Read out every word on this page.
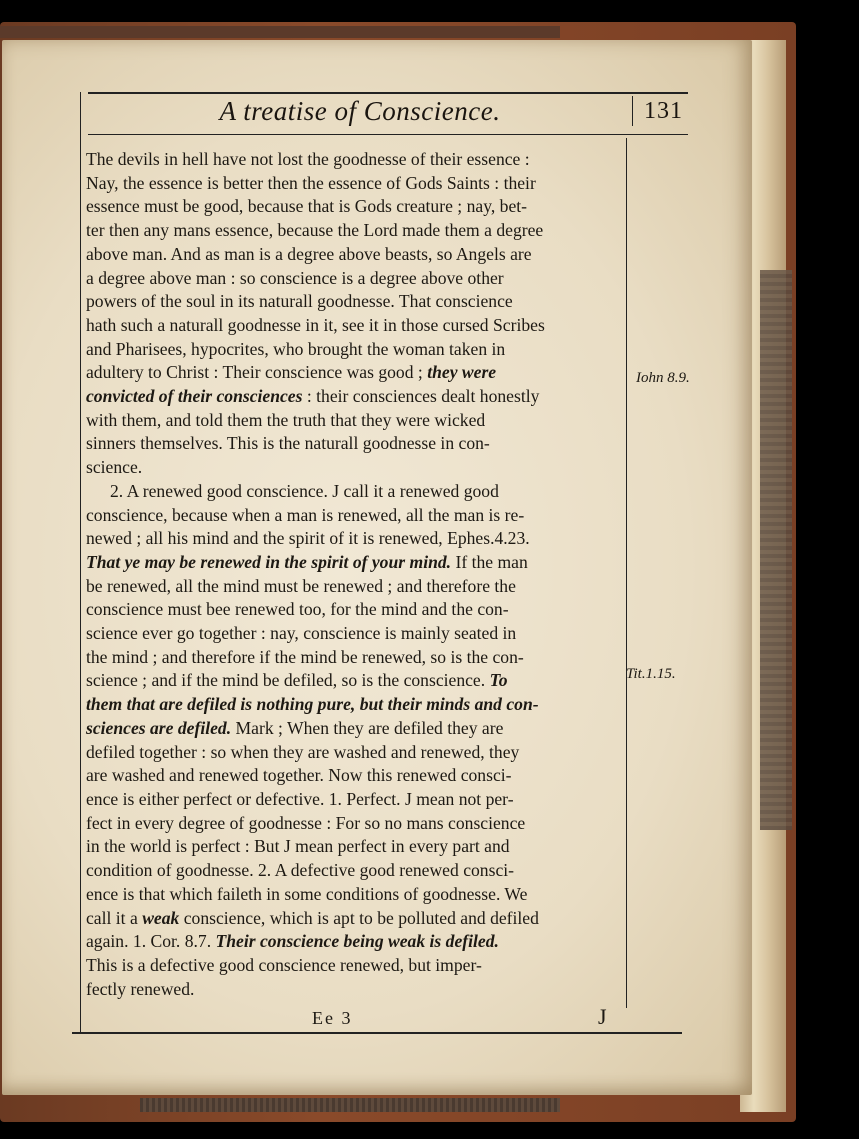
A treatise of Conscience.	131
The devils in hell have not lost the goodnesse of their essence :
Nay, the essence is better then the essence of Gods Saints : their
essence must be good, because that is Gods creature ; nay, bet-
ter then any mans essence, because the Lord made them a degree
above man. And as man is a degree above beasts, so Angels are
a degree above man : so conscience is a degree above other
powers of the soul in its naturall goodnesse. That conscience
hath such a naturall goodnesse in it, see it in those cursed Scribes
and Pharisees, hypocrites, who brought the woman taken in
adultery to Christ : Their conscience was good ; they were
convicted of their consciences : their consciences dealt honestly
with them, and told them the truth that they were wicked
sinners themselves. This is the naturall goodnesse in con-
science.
2. A renewed good conscience. J call it a renewed good
conscience, because when a man is renewed, all the man is re-
newed ; all his mind and the spirit of it is renewed, Ephes.4.23.
That ye may be renewed in the spirit of your mind. If the man
be renewed, all the mind must be renewed ; and therefore the
conscience must bee renewed too, for the mind and the con-
science ever go together : nay, conscience is mainly seated in
the mind ; and therefore if the mind be renewed, so is the con-
science ; and if the mind be defiled, so is the conscience. To
them that are defiled is nothing pure, but their minds and con-
sciences are defiled. Mark ; When they are defiled they are
defiled together : so when they are washed and renewed, they
are washed and renewed together. Now this renewed consci-
ence is either perfect or defective. 1. Perfect. J mean not per-
fect in every degree of goodnesse : For so no mans conscience
in the world is perfect : But J mean perfect in every part and
condition of goodnesse. 2. A defective good renewed consci-
ence is that which faileth in some conditions of goodnesse. We
call it a weak conscience, which is apt to be polluted and defiled
again. 1. Cor. 8.7. Their conscience being weak is defiled.
This is a defective good conscience renewed, but imper-
fectly renewed.
Iohn 8.9.
Tit.1.15.
Ee 3	J
